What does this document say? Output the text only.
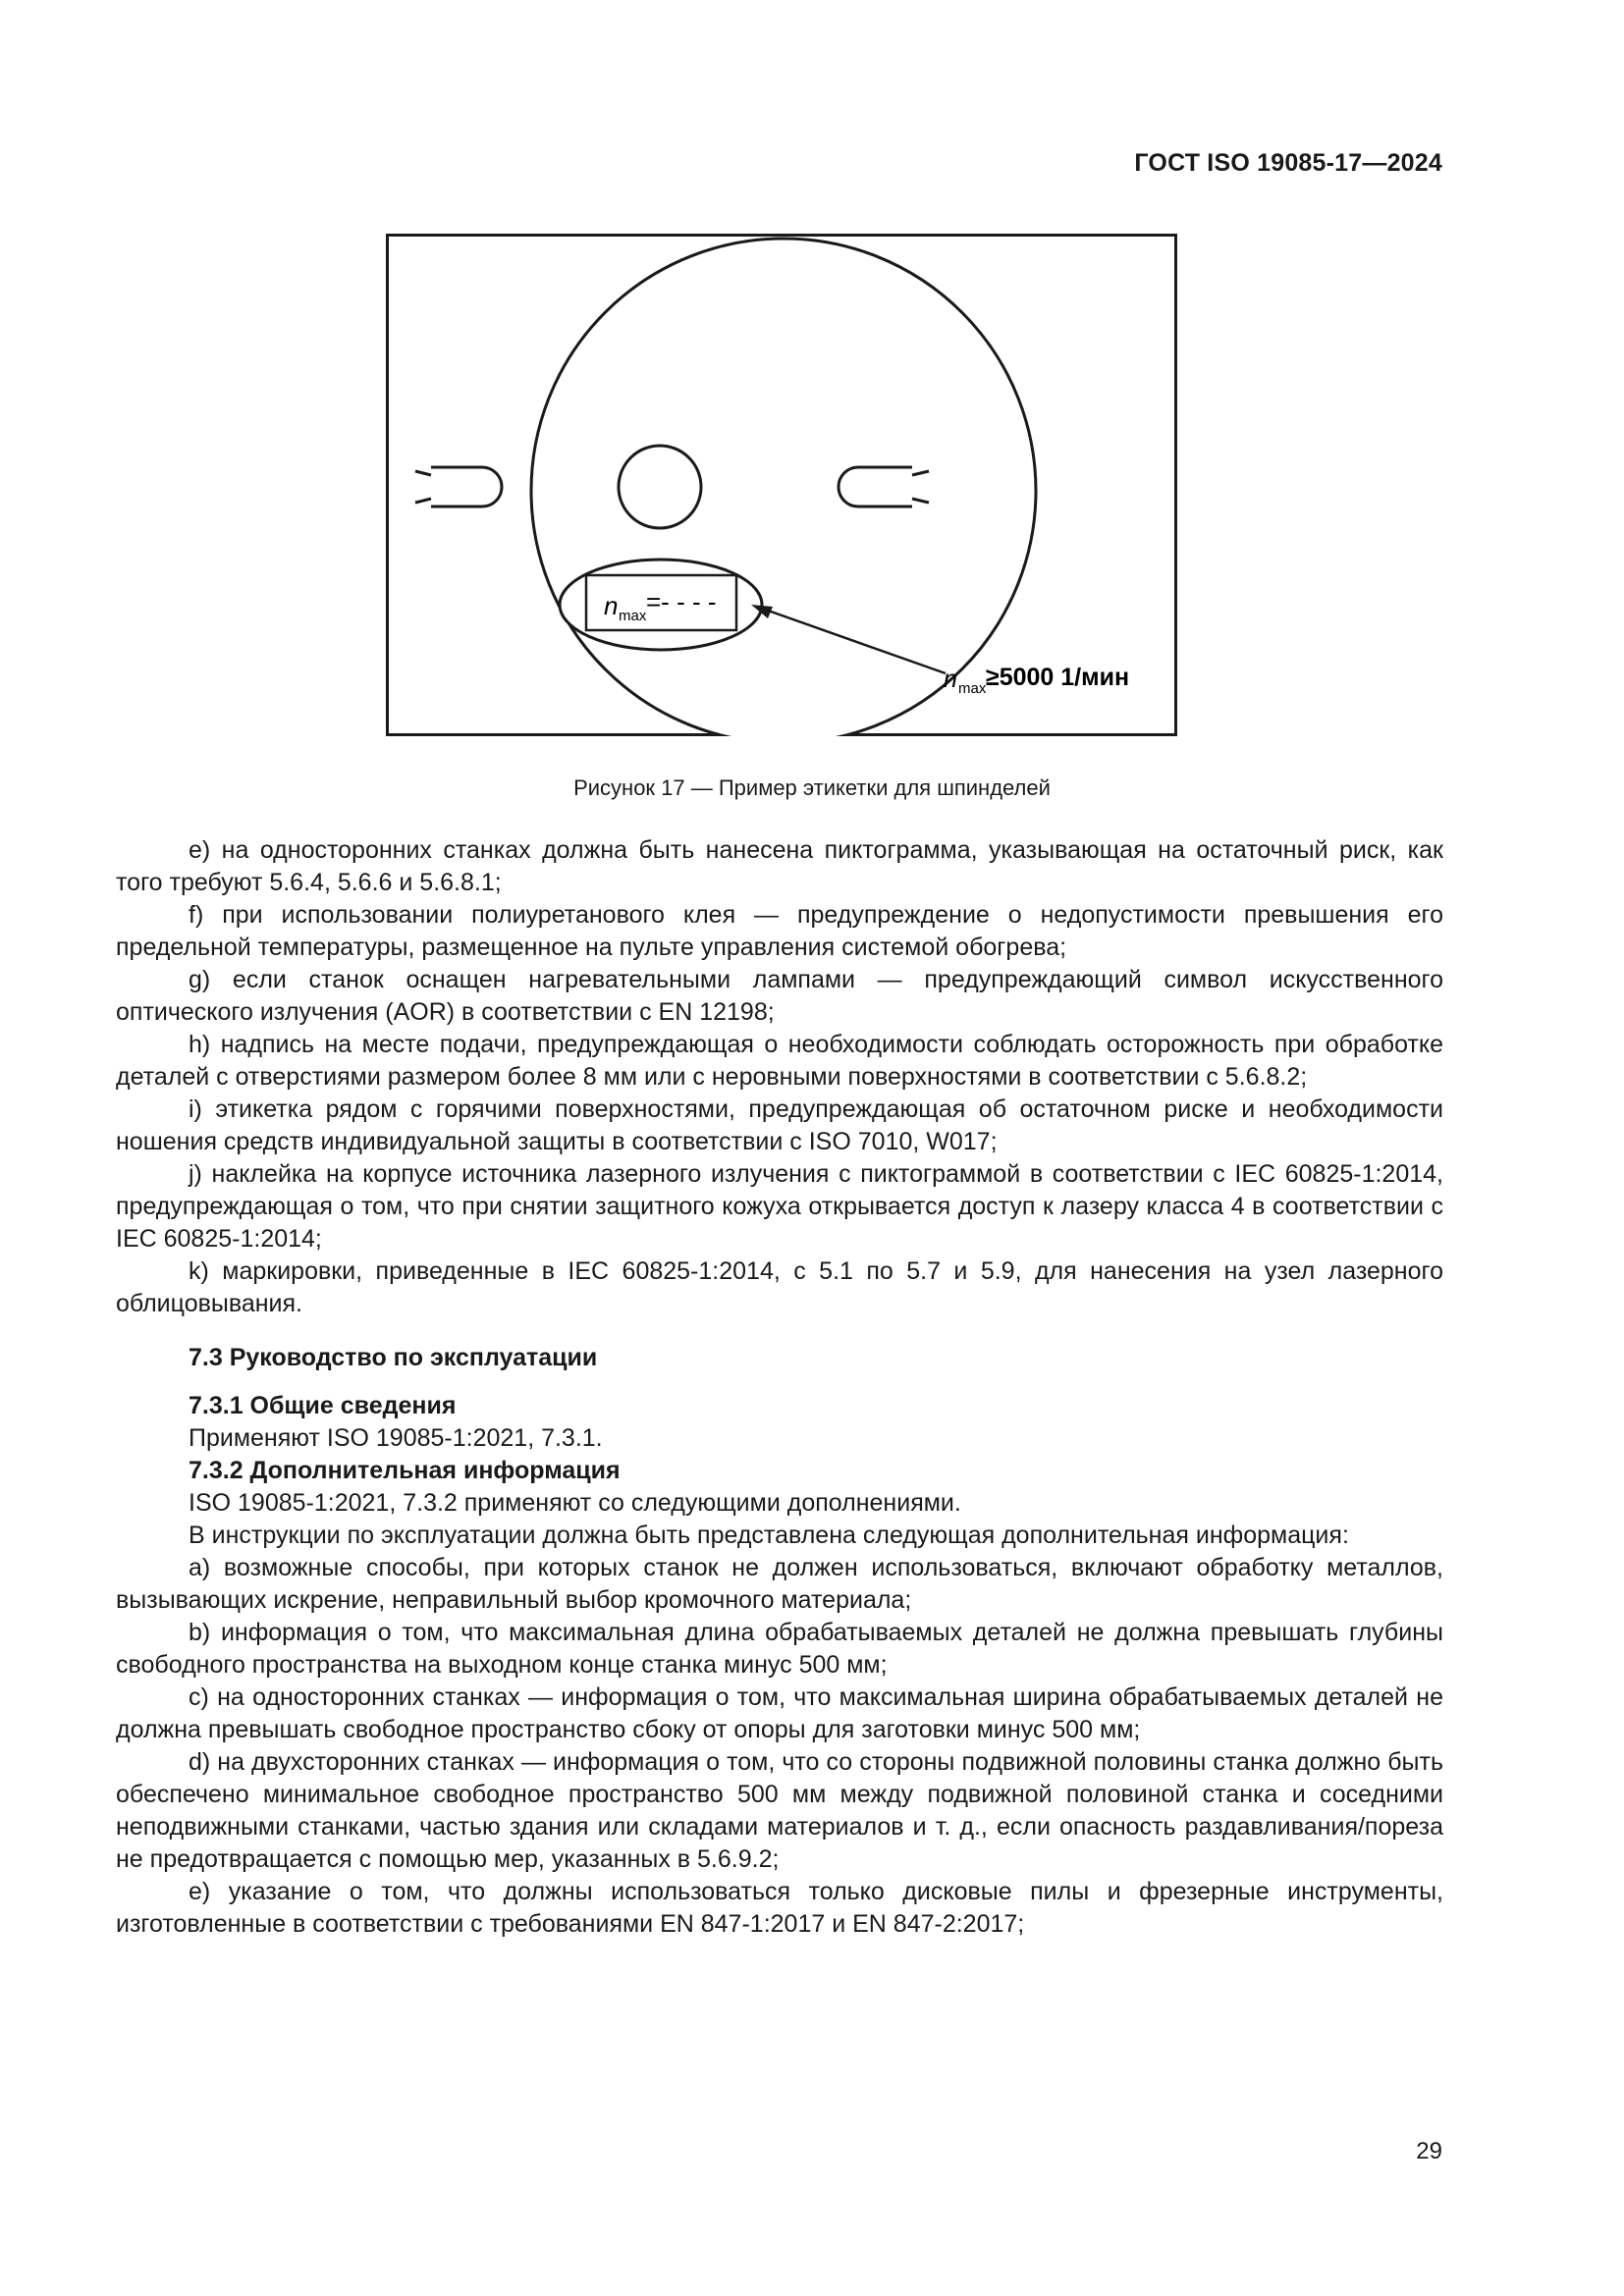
ГОСТ ISO 19085-17—2024
n max =- - - -
n max ≥5000 1/мин
Рисунок 17 — Пример этикетки для шпинделей

e) на односторонних станках должна быть нанесена пиктограмма, указывающая на остаточный риск, как того требуют 5.6.4, 5.6.6 и 5.6.8.1;

f) при использовании полиуретанового клея — предупреждение о недопустимости превышения его предельной температуры, размещенное на пульте управления системой обогрева;

g) если станок оснащен нагревательными лампами — предупреждающий символ искусственного оптического излучения (AOR) в соответствии с EN 12198;

h) надпись на месте подачи, предупреждающая о необходимости соблюдать осторожность при обработке деталей с отверстиями размером более 8 мм или с неровными поверхностями в соответствии с 5.6.8.2;

i) этикетка рядом с горячими поверхностями, предупреждающая об остаточном риске и необходимости ношения средств индивидуальной защиты в соответствии с ISO 7010, W017;

j) наклейка на корпусе источника лазерного излучения с пиктограммой в соответствии с IEC 60825-1:2014, предупреждающая о том, что при снятии защитного кожуха открывается доступ к лазеру класса 4 в соответствии с IEC 60825-1:2014;

k) маркировки, приведенные в IEC 60825-1:2014, с 5.1 по 5.7 и 5.9, для нанесения на узел лазерного облицовывания.

7.3 Руководство по эксплуатации

7.3.1 Общие сведения

Применяют ISO 19085-1:2021, 7.3.1.

7.3.2 Дополнительная информация

ISO 19085-1:2021, 7.3.2 применяют со следующими дополнениями.

В инструкции по эксплуатации должна быть представлена следующая дополнительная информация:

a) возможные способы, при которых станок не должен использоваться, включают обработку металлов, вызывающих искрение, неправильный выбор кромочного материала;

b) информация о том, что максимальная длина обрабатываемых деталей не должна превышать глубины свободного пространства на выходном конце станка минус 500 мм;

c) на односторонних станках — информация о том, что максимальная ширина обрабатываемых деталей не должна превышать свободное пространство сбоку от опоры для заготовки минус 500 мм;

d) на двухсторонних станках — информация о том, что со стороны подвижной половины станка должно быть обеспечено минимальное свободное пространство 500 мм между подвижной половиной станка и соседними неподвижными станками, частью здания или складами материалов и т. д., если опасность раздавливания/пореза не предотвращается с помощью мер, указанных в 5.6.9.2;

e) указание о том, что должны использоваться только дисковые пилы и фрезерные инструменты, изготовленные в соответствии с требованиями EN 847-1:2017 и EN 847-2:2017;

29
